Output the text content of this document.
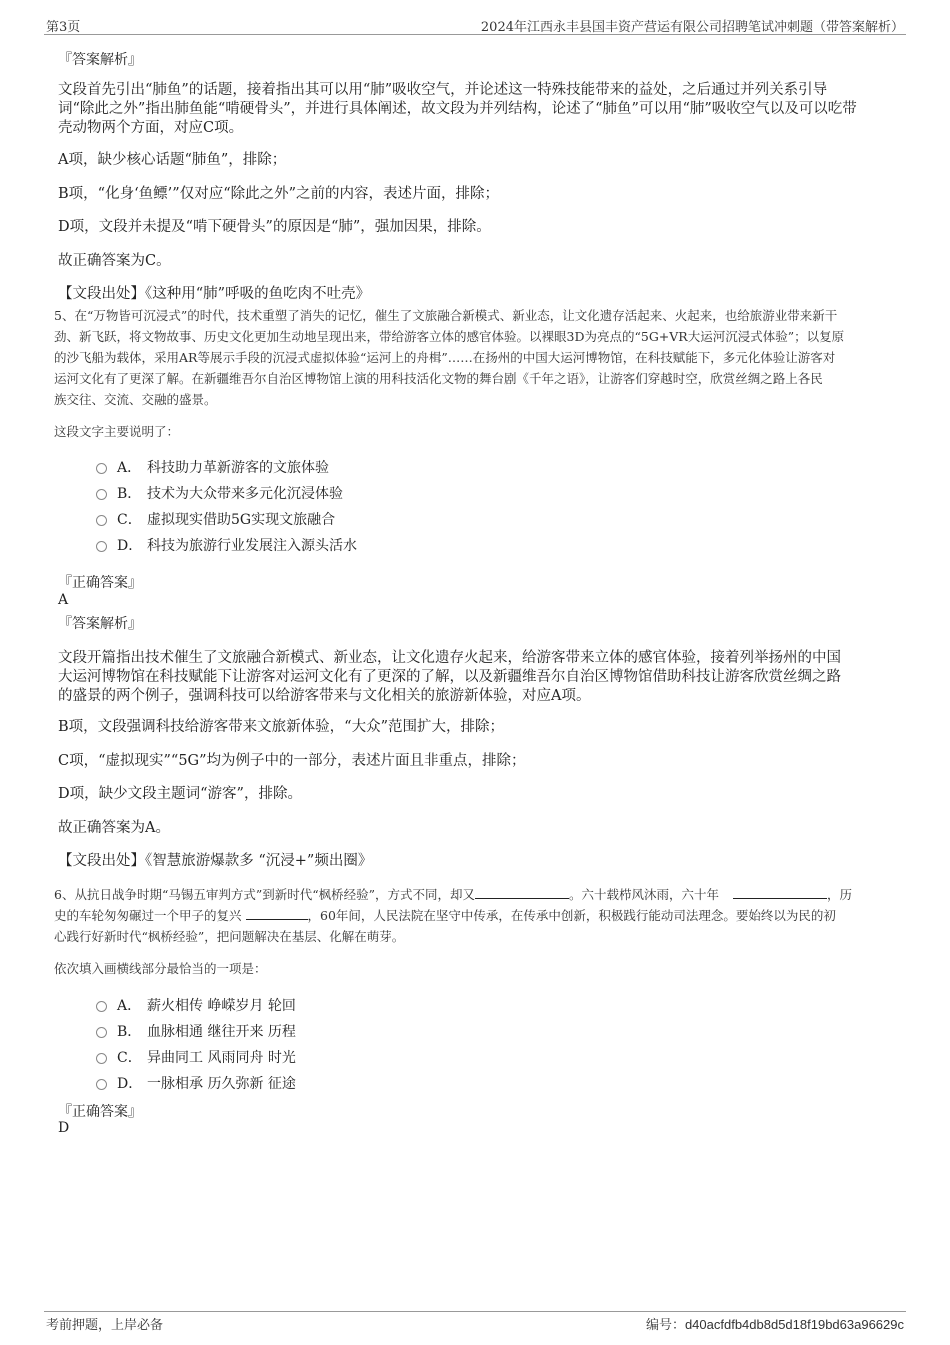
第3页	2024年江西永丰县国丰资产营运有限公司招聘笔试冲刺题（带答案解析）
『答案解析』
文段首先引出“肺鱼”的话题，接着指出其可以用“肺”吸收空气，并论述这一特殊技能带来的益处，之后通过并列关系引导
词“除此之外”指出肺鱼能“啃硬骨头”，并进行具体阐述，故文段为并列结构，论述了“肺鱼”可以用“肺”吸收空气以及可以吃带
壳动物两个方面，对应C项。
A项，缺少核心话题“肺鱼”，排除；
B项，“化身‘鱼鳔’”仅对应“除此之外”之前的内容，表述片面，排除；
D项，文段并未提及“啃下硬骨头”的原因是“肺”，强加因果，排除。
故正确答案为C。
【文段出处】《这种用“肺”呼吸的鱼吃肉不吐壳》
5、在“万物皆可沉浸式”的时代，技术重塑了消失的记忆，催生了文旅融合新模式、新业态，让文化遗存活起来、火起来，也给旅游业带来新干
劲、新飞跃，将文物故事、历史文化更加生动地呈现出来，带给游客立体的感官体验。以裸眼3D为亮点的“5G+VR大运河沉浸式体验”；以复原
的沙飞船为载体，采用AR等展示手段的沉浸式虚拟体验“运河上的舟楫”……在扬州的中国大运河博物馆，在科技赋能下，多元化体验让游客对
运河文化有了更深了解。在新疆维吾尔自治区博物馆上演的用科技活化文物的舞台剧《千年之语》，让游客们穿越时空，欣赏丝绸之路上各民
族交往、交流、交融的盛景。
这段文字主要说明了：
A． 科技助力革新游客的文旅体验
B． 技术为大众带来多元化沉浸体验
C． 虚拟现实借助5G实现文旅融合
D． 科技为旅游行业发展注入源头活水
『正确答案』
A
『答案解析』
文段开篇指出技术催生了文旅融合新模式、新业态，让文化遗存火起来，给游客带来立体的感官体验，接着列举扬州的中国
大运河博物馆在科技赋能下让游客对运河文化有了更深的了解，以及新疆维吾尔自治区博物馆借助科技让游客欣赏丝绸之路
的盛景的两个例子，强调科技可以给游客带来与文化相关的旅游新体验，对应A项。
B项，文段强调科技给游客带来文旅新体验，“大众”范围扩大，排除；
C项，“虚拟现实”“5G”均为例子中的一部分，表述片面且非重点，排除；
D项，缺少文段主题词“游客”，排除。
故正确答案为A。
【文段出处】《智慧旅游爆款多 “沉浸+”频出圈》
6、从抗日战争时期“马锡五审判方式”到新时代“枫桥经验”，方式不同，却又	。六十载栉风沐雨，六十年	，历
史的车轮匆匆碾过一个甲子的复兴	，60年间，人民法院在坚守中传承，在传承中创新，积极践行能动司法理念。要始终以为民的初
心践行好新时代“枫桥经验”，把问题解决在基层、化解在萌芽。
依次填入画横线部分最恰当的一项是：
A． 薪火相传 峥嵘岁月 轮回
B． 血脉相通 继往开来 历程
C． 异曲同工 风雨同舟 时光
D． 一脉相承 历久弥新 征途
『正确答案』
D
考前押题，上岸必备	编号：d40acfdfb4db8d5d18f19bd63a96629c
